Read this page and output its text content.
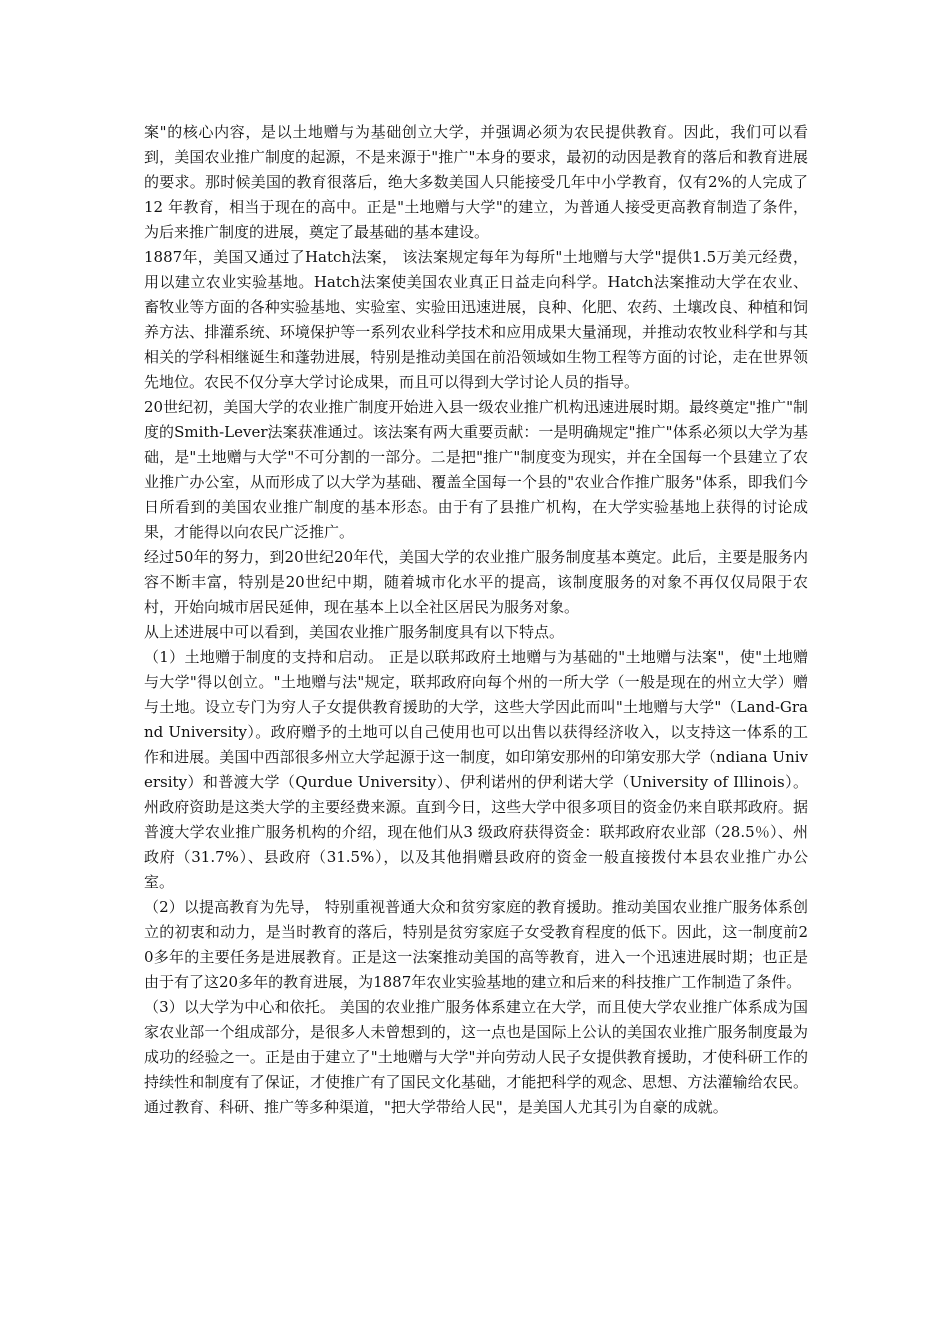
案"的核心内容，是以土地赠与为基础创立大学，并强调必须为农民提供教育。因此，我们可以看到，美国农业推广制度的起源，不是来源于"推广"本身的要求，最初的动因是教育的落后和教育进展的要求。那时候美国的教育很落后，绝大多数美国人只能接受几年中小学教育，仅有2%的人完成了 12 年教育，相当于现在的高中。正是"土地赠与大学"的建立，为普通人接受更高教育制造了条件，为后来推广制度的进展，奠定了最基础的基本建设。

1887年，美国又通过了Hatch法案， 该法案规定每年为每所"土地赠与大学"提供1.5万美元经费，用以建立农业实验基地。Hatch法案使美国农业真正日益走向科学。Hatch法案推动大学在农业、 畜牧业等方面的各种实验基地、实验室、实验田迅速进展，良种、化肥、农药、土壤改良、种植和饲养方法、排灌系统、环境保护等一系列农业科学技术和应用成果大量涌现，并推动农牧业科学和与其相关的学科相继诞生和蓬勃进展，特别是推动美国在前沿领域如生物工程等方面的讨论，走在世界领先地位。农民不仅分享大学讨论成果，而且可以得到大学讨论人员的指导。

20世纪初，美国大学的农业推广制度开始进入县一级农业推广机构迅速进展时期。最终奠定"推广"制度的Smith-Lever法案获准通过。该法案有两大重要贡献：一是明确规定"推广"体系必须以大学为基础，是"土地赠与大学"不可分割的一部分。二是把"推广"制度变为现实，并在全国每一个县建立了农业推广办公室，从而形成了以大学为基础、覆盖全国每一个县的"农业合作推广服务"体系，即我们今日所看到的美国农业推广制度的基本形态。由于有了县推广机构，在大学实验基地上获得的讨论成果，才能得以向农民广泛推广。

经过50年的努力，到20世纪20年代，美国大学的农业推广服务制度基本奠定。此后，主要是服务内容不断丰富，特别是20世纪中期，随着城市化水平的提高，该制度服务的对象不再仅仅局限于农村，开始向城市居民延伸，现在基本上以全社区居民为服务对象。

从上述进展中可以看到，美国农业推广服务制度具有以下特点。

（1）土地赠于制度的支持和启动。 正是以联邦政府土地赠与为基础的"土地赠与法案"，使"土地赠与大学"得以创立。"土地赠与法"规定，联邦政府向每个州的一所大学（一般是现在的州立大学）赠与土地。设立专门为穷人子女提供教育援助的大学，这些大学因此而叫"土地赠与大学"（Land-Grand University）。政府赠予的土地可以自己使用也可以出售以获得经济收入，以支持这一体系的工作和进展。美国中西部很多州立大学起源于这一制度，如印第安那州的印第安那大学（ndiana University）和普渡大学（Qurdue University）、伊利诺州的伊利诺大学（University of Illinois）。州政府资助是这类大学的主要经费来源。直到今日，这些大学中很多项目的资金仍来自联邦政府。据普渡大学农业推广服务机构的介绍，现在他们从3 级政府获得资金：联邦政府农业部（28.5％）、州政府（31.7%）、县政府（31.5%），以及其他捐赠县政府的资金一般直接拨付本县农业推广办公室。

（2）以提高教育为先导， 特别重视普通大众和贫穷家庭的教育援助。推动美国农业推广服务体系创立的初衷和动力，是当时教育的落后，特别是贫穷家庭子女受教育程度的低下。因此，这一制度前20多年的主要任务是进展教育。正是这一法案推动美国的高等教育，进入一个迅速进展时期；也正是由于有了这20多年的教育进展，为1887年农业实验基地的建立和后来的科技推广工作制造了条件。

（3）以大学为中心和依托。 美国的农业推广服务体系建立在大学，而且使大学农业推广体系成为国家农业部一个组成部分，是很多人未曾想到的，这一点也是国际上公认的美国农业推广服务制度最为成功的经验之一。正是由于建立了"土地赠与大学"并向劳动人民子女提供教育援助，才使科研工作的持续性和制度有了保证，才使推广有了国民文化基础，才能把科学的观念、思想、方法灌输给农民。通过教育、科研、推广等多种渠道，"把大学带给人民"，是美国人尤其引为自豪的成就。
